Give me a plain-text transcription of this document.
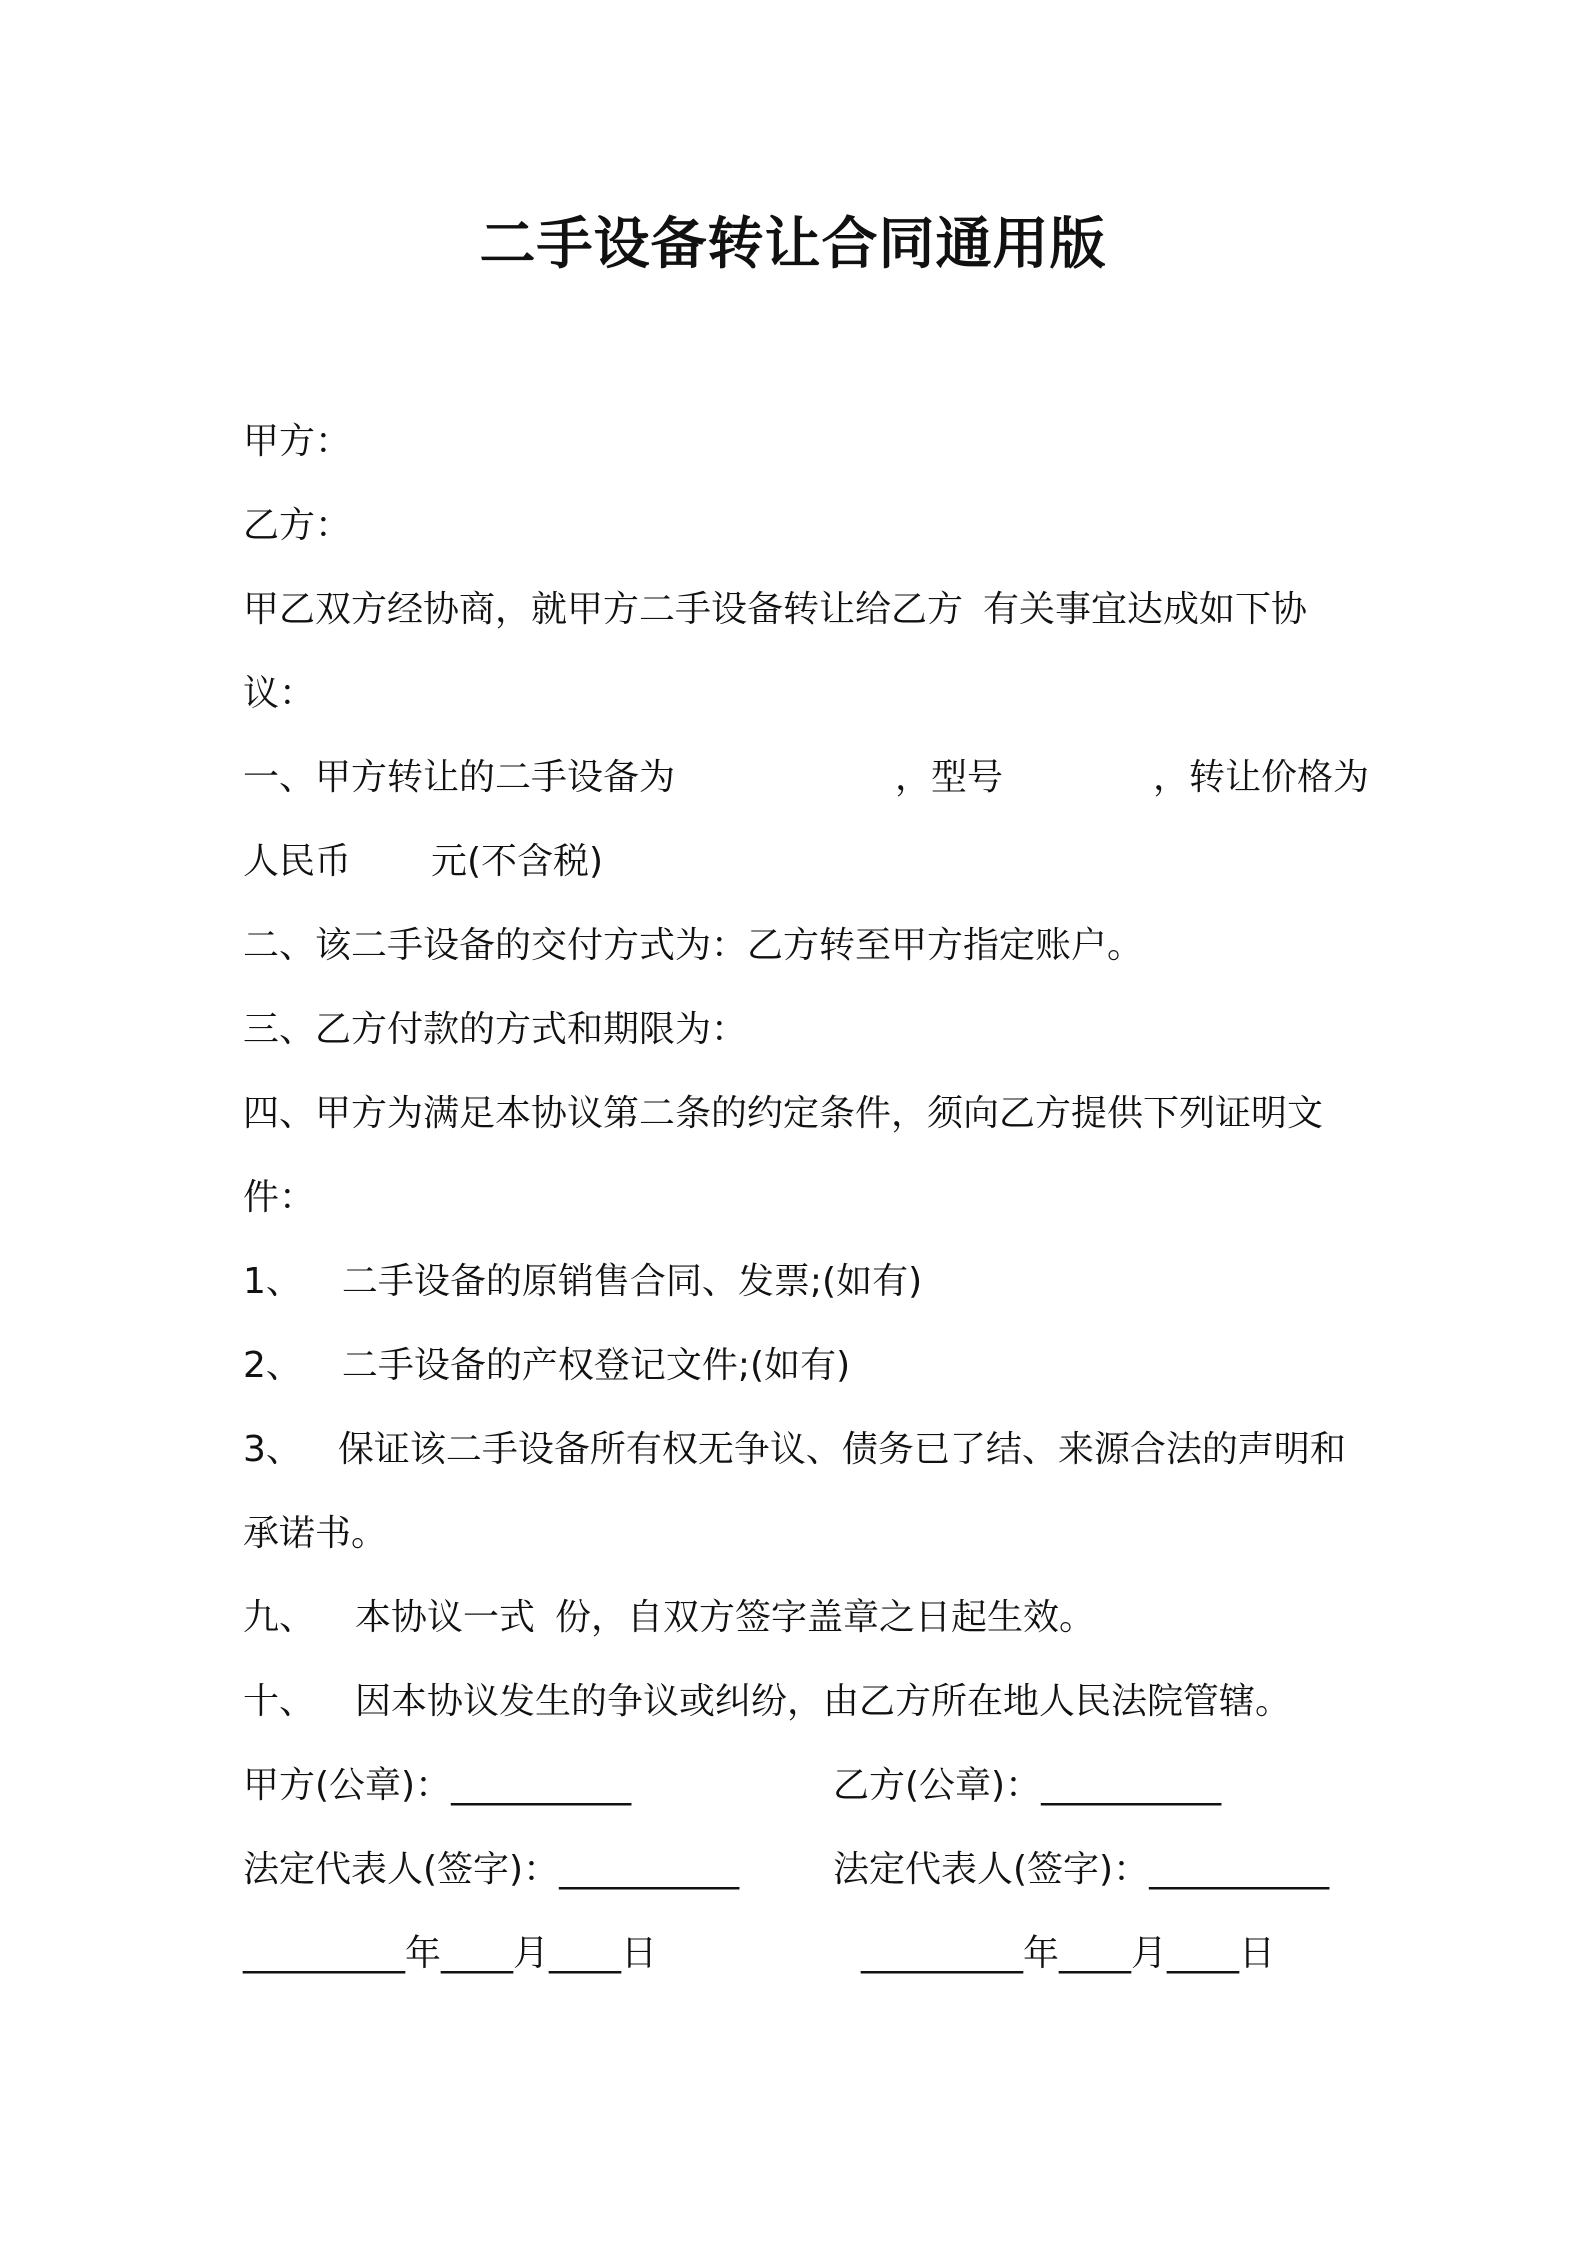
二手设备转让合同通用版
甲方：
乙方：
甲乙双方经协商，就甲方二手设备转让给乙方 有关事宜达成如下协
议：
一、甲方转让的二手设备为	，型号	，转让价格为
人民币 元(不含税)
二、该二手设备的交付方式为：乙方转至甲方指定账户。
三、乙方付款的方式和期限为：
四、甲方为满足本协议第二条的约定条件，须向乙方提供下列证明文
件：
1、 二手设备的原销售合同、发票;(如有)
2、 二手设备的产权登记文件;(如有)
3、 保证该二手设备所有权无争议、债务已了结、来源合法的声明和
承诺书。
九、 本协议一式 份，自双方签字盖章之日起生效。
十、 因本协议发生的争议或纠纷，由乙方所在地人民法院管辖。
甲方(公章)：__________	乙方(公章)：__________
法定代表人(签字)：__________	法定代表人(签字)：__________
_________年____月____日	_________年____月____日
